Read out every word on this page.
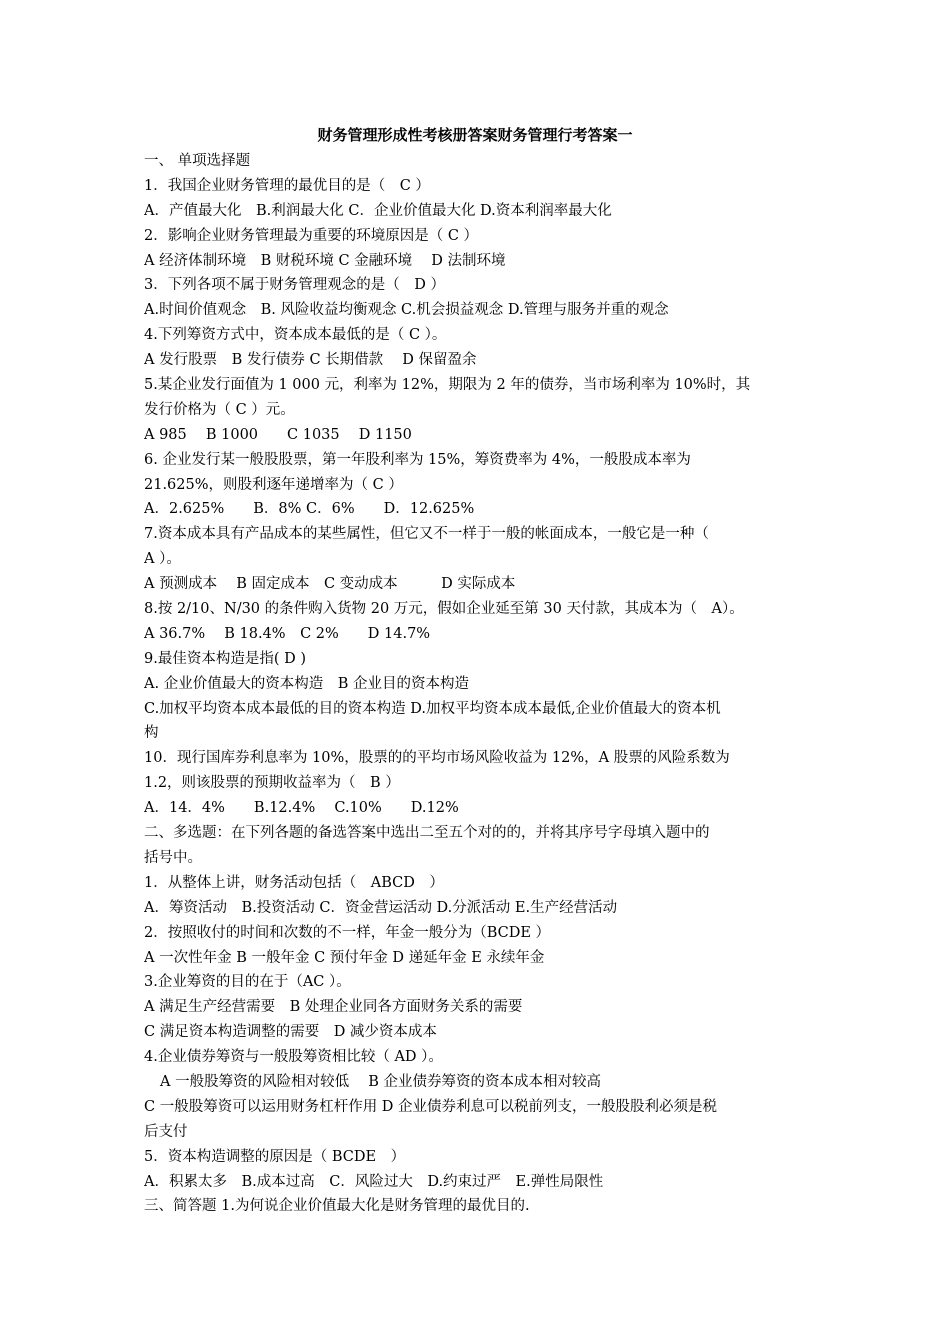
财务管理形成性考核册答案财务管理行考答案一
一、 单项选择题
1．我国企业财务管理的最优目的是（　C ）
A．产值最大化　B.利润最大化 C．企业价值最大化 D.资本利润率最大化
2．影响企业财务管理最为重要的环境原因是（ C ）
A 经济体制环境　B 财税环境 C 金融环境　 D 法制环境
3．下列各项不属于财务管理观念的是（　D ）
A.时间价值观念　B. 风险收益均衡观念 C.机会损益观念 D.管理与服务并重的观念
4.下列筹资方式中，资本成本最低的是（ C ）。
A 发行股票　B 发行债券 C 长期借款　 D 保留盈余
5.某企业发行面值为 1 000 元，利率为 12%，期限为 2 年的债券，当市场利率为 10%时，其
发行价格为（ C ）元。
A 985　 B 1000　　C 1035　 D 1150
6. 企业发行某一般股股票，第一年股利率为 15%，筹资费率为 4%，一般股成本率为
21.625%，则股利逐年递增率为（ C ）
A．2.625%　　B．8% C．6%　　D．12.625%
7.资本成本具有产品成本的某些属性，但它又不一样于一般的帐面成本，一般它是一种（
A ）。
A 预测成本　 B 固定成本　C 变动成本　　　D 实际成本
8.按 2/10、N/30 的条件购入货物 20 万元，假如企业延至第 30 天付款，其成本为（　A）。
A 36.7%　 B 18.4%　C 2%　　D 14.7%
9.最佳资本构造是指( D )
A. 企业价值最大的资本构造　B 企业目的资本构造
C.加权平均资本成本最低的目的资本构造 D.加权平均资本成本最低,企业价值最大的资本机
构
10．现行国库券利息率为 10%，股票的的平均市场风险收益为 12%，A 股票的风险系数为
1.2，则该股票的预期收益率为（　B ）
A．14．4%　　B.12.4%　 C.10%　　D.12%
二、多选题：在下列各题的备选答案中选出二至五个对的的，并将其序号字母填入题中的
括号中。
1．从整体上讲，财务活动包括（　ABCD　）
A．筹资活动　B.投资活动 C．资金营运活动 D.分派活动 E.生产经营活动
2．按照收付的时间和次数的不一样，年金一般分为（BCDE ）
A 一次性年金 B 一般年金 C 预付年金 D 递延年金 E 永续年金
3.企业筹资的目的在于（AC ）。
A 满足生产经营需要　B 处理企业同各方面财务关系的需要
C 满足资本构造调整的需要　D 减少资本成本
4.企业债券筹资与一般股筹资相比较（ AD ）。
A 一般股筹资的风险相对较低　 B 企业债券筹资的资本成本相对较高
C 一般股筹资可以运用财务杠杆作用 D 企业债券利息可以税前列支，一般股股利必须是税
后支付
5．资本构造调整的原因是（ BCDE　）
A．积累太多　B.成本过高　C．风险过大　D.约束过严　E.弹性局限性
三、简答题 1.为何说企业价值最大化是财务管理的最优目的.
